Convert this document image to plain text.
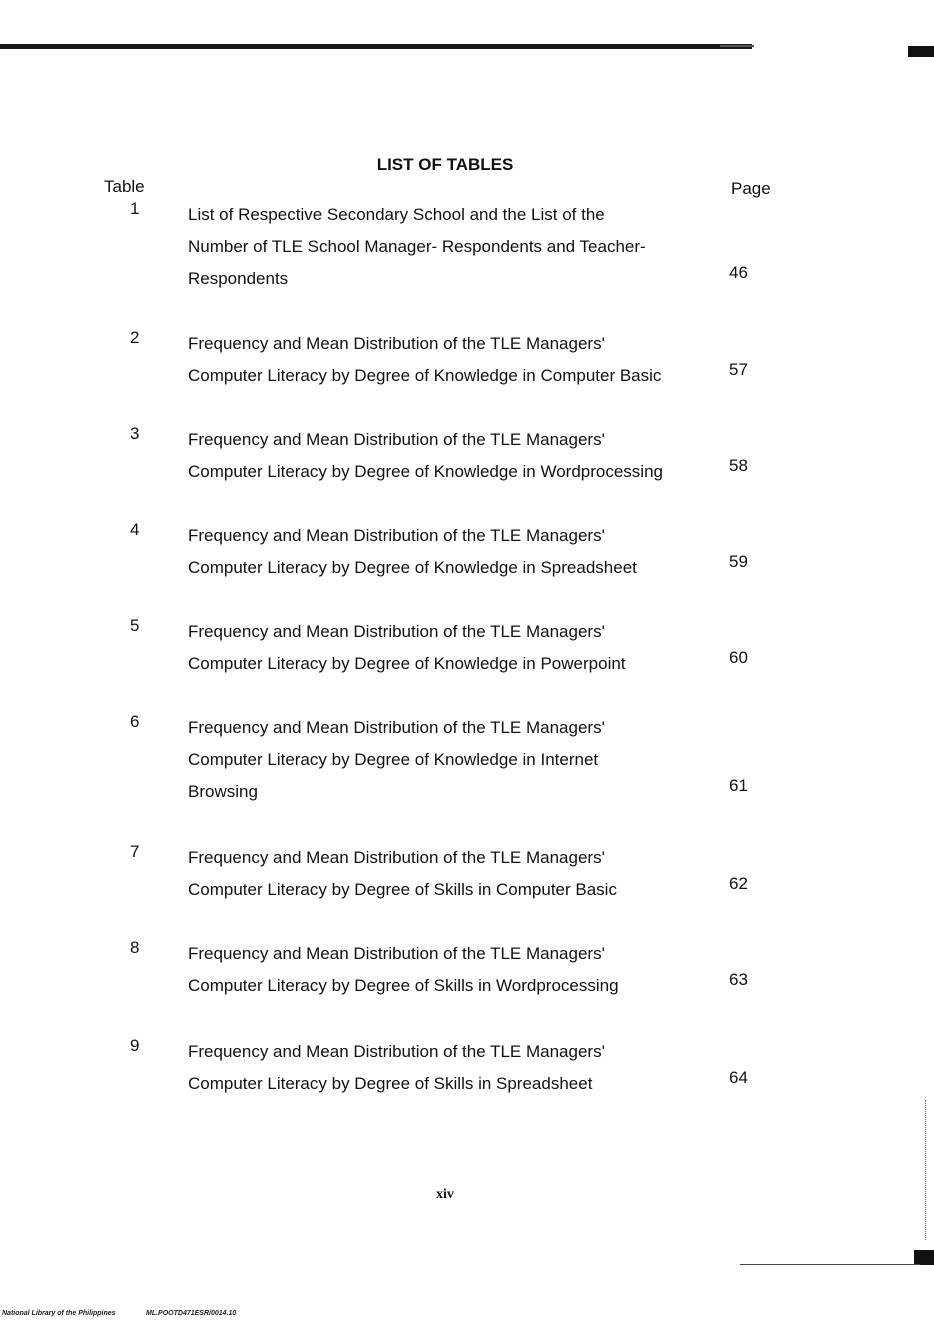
LIST OF TABLES
Table	Page
1	List of Respective Secondary School and the List of the
Number of TLE School Manager- Respondents and Teacher-
Respondents	46
2	Frequency and Mean Distribution of the TLE Managers'
Computer Literacy by Degree of Knowledge in Computer Basic	57
3	Frequency and Mean Distribution of the TLE Managers'
Computer Literacy by Degree of Knowledge in Wordprocessing	58
4	Frequency and Mean Distribution of the TLE Managers'
Computer Literacy by Degree of Knowledge in Spreadsheet	59
5	Frequency and Mean Distribution of the TLE Managers'
Computer Literacy by Degree of Knowledge in Powerpoint	60
6	Frequency and Mean Distribution of the TLE Managers'
Computer Literacy by Degree of Knowledge in Internet
Browsing	61
7	Frequency and Mean Distribution of the TLE Managers'
Computer Literacy by Degree of Skills in Computer Basic	62
8	Frequency and Mean Distribution of the TLE Managers'
Computer Literacy by Degree of Skills in Wordprocessing	63
9	Frequency and Mean Distribution of the TLE Managers'
Computer Literacy by Degree of Skills in Spreadsheet	64
xiv
National Library of the Philippines	ML.POOTD471ESR/0014.10
